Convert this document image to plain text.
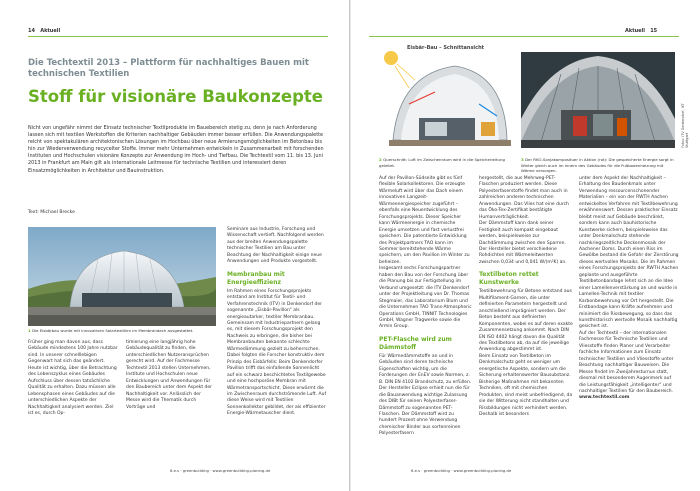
14 Aktuell
Die Techtextil 2013 – Plattform für nachhaltiges Bauen mit technischen Textilien
Stoff für visionäre Baukonzepte
Nicht von ungefähr nimmt der Einsatz technischer Textilprodukte im Bauebereich stetig zu, denn je nach Anforderung lassen sich mit textilen Werkstoffen die Kriterien nachhaltiger Gebäuden immer besser erfüllen. Die Anwendungspalette reicht von spektakulären architektonischen Lösungen im Hochbau über neue Armierungsmöglichkeiten im Betonbau bis hin zur Wiederverwendung recycelter Stoffe. Immer mehr Unternehmen entwickeln in Zusammenarbeit mit forschenden Instituten und Hochschulen visionäre Konzepte zur Anwendung im Hoch- und Tiefbau. Die Techtextil vom 11. bis 13. Juni 2013 in Frankfurt am Main gilt als internationale Leitmesse für technische Textilien und interessiert deren Einsatzmöglichkeiten in Architektur und Bauinstruktion.
Text: Michael Brecke
1 Die Eisbärbau wurde mit innovativen Solartextilien im Membrandach ausgestattet.
Früher ging man davon aus, dass Gebäude mindestens 100 Jahre nutzbar sind. In unserer schnelllebigen Gegenwart hat sich das geändert. Heute ist wichtig, über die Betrachtung des Lebenszyklus eines Gebäudes Aufschluss über dessen tatsächliche Qualität zu erhalten. Dazu müssen alle Lebensphasen eines Gebäudes auf die unterschiedlichen Aspekte der Nachhaltigkeit analysiert werden. Ziel ist es, durch Op-
timierung eine langjährig hohe Gebäudequalität zu finden, die unterschiedlichen Nutzeransprüchen gerecht wird. Auf der Fachmesse Techtextil 2013 stellen Unternehmen, Institute und Hochschulen neue Entwicklungen und Anwendungen für den Baubereich unter dem Aspekt der Nachhaltigkeit vor. Anlässlich der Messe wird die Thematik durch Vorträge und
Seminare aus Industrie, Forschung und Wissenschaft vertieft. Nachfolgend werden aus der breiten Anwendungspalette technischer Textilien am Bau unter Beachtung der Nachhaltigkeit einige neue Anwendungen und Produkte vorgestellt.
Membranbau mit Energieeffizienz
Im Rahmen eines Forschungsprojekts entstand am Institut für Textil- und Verfahrenstechnik (ITV) in Denkendorf der sogenannte „Eisbär-Pavillon“ als energieautarker, textiler Membranbau. Gemeinsam mit Industriepartnern gelang es, mit diesem Forschungsprojekt den Nachweis zu erbringen, die bisher bei Membranbauten bekannte schlechte Wärmedämmung gezielt zu beherrschen. Dabei folgten die Forscher konstruktiv dem Prinzip des Eisbärfells: Beim Denkendorfer Pavillon trifft das einfallende Sonnenlicht auf ein schwarz beschichtetes Textilgewebe und eine hochporöse Membran mit Wärmetransportschicht. Diese erwärmt die im Zwischenraum durchströmende Luft. Auf diese Weise wird mit Textilien Sonnenkollektor gebildet, der als effizienter Energie-Wärmetauscher dient.
6.e.s · greenbuilding · www.greenbuilding-planing.de
Aktuell 15
Eisbär-Bau – Schnittansicht
Fotos: ITV Denkendorf, IKT Stuttgart
2 Querschnitt: Luft im Zwischenraum wird in die Speicherleitung geleitet.
3 Der RKO-Sonjakomposituer in Aktion (rot): Die gespeicherte Energie sorgt in Winter gleich auch im Innern des Gebäudes für die Fußbodenheizung mit Wärme versorgen.
Auf der Pavillon-Südseite gibt es fünf flexible Solarkollektoren. Die erzeugte Wärmeluft wird über das Dach einem innovativen Langzeit-Wärmeenergiespeicher zugeführt – ebenfalls eine Neuentwicklung des Forschungsprojekts. Dieser Speicher kann Wärmeenergie in chemische Energie umsetzen und fast verlustfrei speichern. Die patentierte Entwicklung des Projektpartners TAO kann im Sommer bereitstehende Wärme speichern, um den Pavillon im Winter zu beheizen.
Insgesamt sechs Forschungspartner haben den Bau von der Forschung über die Planung bis zur Fertigstellung im Verbund umgesetzt: die ITV Denkendorf unter der Projektleitung von Dr. Thomas Stegmaier, das Laboratorium Blum und die Unternehmen TAO Trans-Atmospheric Operations GmbH, TINNIT Technologies GmbH, Wagner Tragwerke sowie die Armin Group.
PET-Flasche wird zum Dämmstoff
Für Wärmedämmstoffe an und in Gebäuden sind deren technische Eigenschaften wichtig, um die Forderungen der EnEV sowie Normen, z. B. DIN EN 4102 Brandschutz, zu erfüllen. Der Hersteller Eclipse erhielt nun die für die Bauanwendung wichtige Zulassung des DIBt für seinen Polyesterfaser-Dämmstoff zu sogenannten PET-Flaschen. Der Dämmstoff wird zu hundert Prozent ohne Verwendung chemischer Binder aus sortenreinen Polyesterfasern
hergestellt, die aus Mehrweg-PET-Flaschen produziert werden. Diese Polyesterfaserstoffe findet man auch in zahlreichen anderen technischen Anwendungen. Das Vlies hat eine durch das Öko-Tex-Zertifikat bestätigte Humanverträglichkeit.
Der Dämmstoff kann dank seiner Festigkeit auch kompakt eingebaut werden, beispielsweise zur Dachdämmung zwischen den Sparren. Der Hersteller bietet verschiedene Rohdichten mit Wärmeleitwerten zwischen 0,034 und 0,041 W/(m²K) an.
Textilbeton rettet Kunstwerke
Textilbewehrung für Betone entstand aus Multifilament-Garnen, die unter definierten Parametern hergestellt und anschließend imprägniert werden. Der Beton besteht aus definierten Komponenten, wobei es auf deren exakte Zusammensetzung ankommt. Nach DIN EN ISO 4402 hängt davon die Qualität des Textilbetons ab, da auf die jeweilige Anwendung abgestimmt ist.
Beim Einsatz von Textilbeton im Denkmalschutz geht es weniger um energetische Aspekte, sondern um die Sicherung erhaltenswerter Bausubstanz. Bisherige Maßnahmen mit bekannten Techniken, oft mit chemischen Produkten, sind meist unbefriedigend, da sie der Witterung nicht standhalten und Rissbildungen nicht verhindert werden. Deshalb ist besonders
unter dem Aspekt der Nachhaltigkeit – Erhaltung des Baudenkmals unter Verwendung ressourcenschonender Materialien – ein von der RWTH Aachen entwickeltes Verfahren mit Textilbewehrung erwähnenswert. Dessen praktischer Einsatz bleibt meist auf Gebäude beschränkt, sondern kann auch bauhistorische Kunstwerke sichern, beispielsweise das unter Denkmalschutz stehende nachkriegszeitliche Deckenmosaik der Aachener Doms. Durch einen Riss im Gewölbe bestand die Gefahr der Zerstörung dieses wertvollen Mosaiks. Die im Rahmen eines Forschungsprojekts der RWTH Aachen geplante und ausgeführte Textilbetonbandage lehnt sich an die Idee einer Lamellenverstärkung an und wurde in Lamellen-Technik mit textiler Karbonbewehrung vor Ort hergestellt. Die Erstbandage kann Kräfte aufnehmen und minimiert die Rissbewegung, so dass das kunsthistorisch wertvolle Mosaik nachhaltig gesichert ist.
Auf der Techtextil – der internationalen Fachmesse für Technische Textilien und Vliesstoffe finden Planer und Verarbeiter fachliche Informationen zum Einsatz technischer Textilien und Vliesstoffe unter Beachtung nachhaltiger Bauweisen. Die Messe findet im Zweijahresturnus statt, diesmal mit besonderem Augenmerk auf die Leistungsfähigkeit „intelligenter“ und nachhaltiger Textilien für den Baubereich.
www.techtextil.com
6.e.s · greenbuilding · www.greenbuilding-planing.de
